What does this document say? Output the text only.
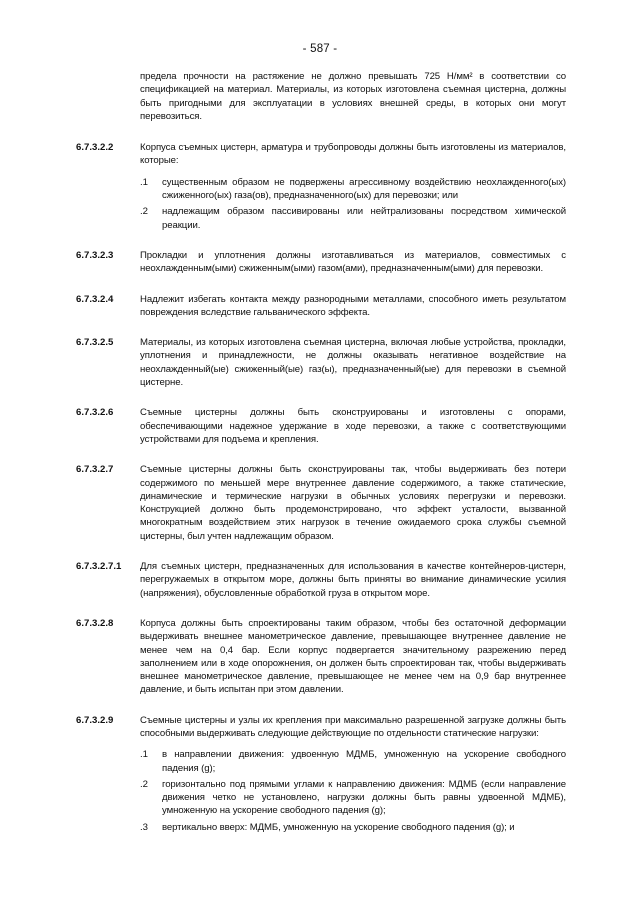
- 587 -
предела прочности на растяжение не должно превышать 725 Н/мм² в соответствии со спецификацией на материал. Материалы, из которых изготовлена съемная цистерна, должны быть пригодными для эксплуатации в условиях внешней среды, в которых они могут перевозиться.
6.7.3.2.2	Корпуса съемных цистерн, арматура и трубопроводы должны быть изготовлены из материалов, которые:
.1 существенным образом не подвержены агрессивному воздействию неохлажденного(ых) сжиженного(ых) газа(ов), предназначенного(ых) для перевозки; или
.2 надлежащим образом пассивированы или нейтрализованы посредством химической реакции.
6.7.3.2.3	Прокладки и уплотнения должны изготавливаться из материалов, совместимых с неохлажденным(ыми) сжиженным(ыми) газом(ами), предназначенным(ыми) для перевозки.
6.7.3.2.4	Надлежит избегать контакта между разнородными металлами, способного иметь результатом повреждения вследствие гальванического эффекта.
6.7.3.2.5	Материалы, из которых изготовлена съемная цистерна, включая любые устройства, прокладки, уплотнения и принадлежности, не должны оказывать негативное воздействие на неохлажденный(ые) сжиженный(ые) газ(ы), предназначенный(ые) для перевозки в съемной цистерне.
6.7.3.2.6	Съемные цистерны должны быть сконструированы и изготовлены с опорами, обеспечивающими надежное удержание в ходе перевозки, а также с соответствующими устройствами для подъема и крепления.
6.7.3.2.7	Съемные цистерны должны быть сконструированы так, чтобы выдерживать без потери содержимого по меньшей мере внутреннее давление содержимого, а также статические, динамические и термические нагрузки в обычных условиях перегрузки и перевозки. Конструкцией должно быть продемонстрировано, что эффект усталости, вызванной многократным воздействием этих нагрузок в течение ожидаемого срока службы съемной цистерны, был учтен надлежащим образом.
6.7.3.2.7.1	Для съемных цистерн, предназначенных для использования в качестве контейнеров-цистерн, перегружаемых в открытом море, должны быть приняты во внимание динамические усилия (напряжения), обусловленные обработкой груза в открытом море.
6.7.3.2.8	Корпуса должны быть спроектированы таким образом, чтобы без остаточной деформации выдерживать внешнее манометрическое давление, превышающее внутреннее давление не менее чем на 0,4 бар. Если корпус подвергается значительному разрежению перед заполнением или в ходе опорожнения, он должен быть спроектирован так, чтобы выдерживать внешнее манометрическое давление, превышающее не менее чем на 0,9 бар внутреннее давление, и быть испытан при этом давлении.
6.7.3.2.9	Съемные цистерны и узлы их крепления при максимально разрешенной загрузке должны быть способными выдерживать следующие действующие по отдельности статические нагрузки:
.1 в направлении движения: удвоенную МДМБ, умноженную на ускорение свободного падения (g);
.2 горизонтально под прямыми углами к направлению движения: МДМБ (если направление движения четко не установлено, нагрузки должны быть равны удвоенной МДМБ), умноженную на ускорение свободного падения (g);
.3 вертикально вверх: МДМБ, умноженную на ускорение свободного падения (g); и
